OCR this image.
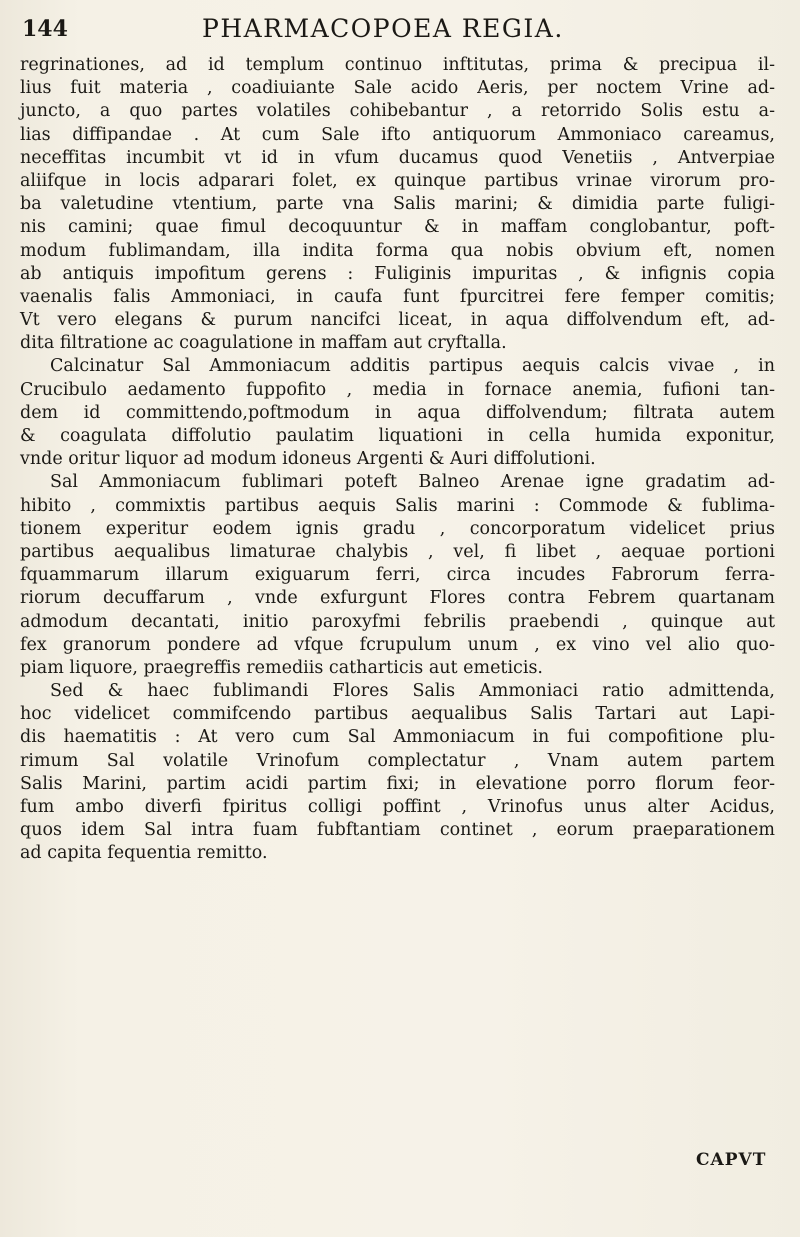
144	PHARMACOPOEA REGIA.
regrinationes, ad id templum continuo inftitutas, prima & precipua il-
lius fuit materia , coadiuiante Sale acido Aeris, per noctem Vrine ad-
juncto, a quo partes volatiles cohibebantur , a retorrido Solis estu a-
lias diffipandae . At cum Sale ifto antiquorum Ammoniaco careamus,
neceffitas incumbit vt id in vfum ducamus quod Venetiis , Antverpiae
aliifque in locis adparari folet, ex quinque partibus vrinae virorum pro-
ba valetudine vtentium, parte vna Salis marini; & dimidia parte fuligi-
nis camini; quae fimul decoquuntur & in maffam conglobantur, poft-
modum fublimandam, illa indita forma qua nobis obvium eft, nomen
ab antiquis impofitum gerens : Fuliginis impuritas , & infignis copia
vaenalis falis Ammoniaci, in caufa funt fpurcitrei fere femper comitis;
Vt vero elegans & purum nancifci liceat, in aqua diffolvendum eft, ad-
dita filtratione ac coagulatione in maffam aut cryftalla.
Calcinatur Sal Ammoniacum additis partipus aequis calcis vivae , in
Crucibulo aedamento fuppofito , media in fornace anemia, fufioni tan-
dem id committendo,poftmodum in aqua diffolvendum; filtrata autem
& coagulata diffolutio paulatim liquationi in cella humida exponitur,
vnde oritur liquor ad modum idoneus Argenti & Auri diffolutioni.
Sal Ammoniacum fublimari poteft Balneo Arenae igne gradatim ad-
hibito , commixtis partibus aequis Salis marini : Commode & fublima-
tionem experitur eodem ignis gradu , concorporatum videlicet prius
partibus aequalibus limaturae chalybis , vel, fi libet , aequae portioni
fquammarum illarum exiguarum ferri, circa incudes Fabrorum ferra-
riorum decuffarum , vnde exfurgunt Flores contra Febrem quartanam
admodum decantati, initio paroxyfmi febrilis praebendi , quinque aut
fex granorum pondere ad vfque fcrupulum unum , ex vino vel alio quo-
piam liquore, praegreffis remediis catharticis aut emeticis.
Sed & haec fublimandi Flores Salis Ammoniaci ratio admittenda,
hoc videlicet commifcendo partibus aequalibus Salis Tartari aut Lapi-
dis haematitis : At vero cum Sal Ammoniacum in fui compofitione plu-
rimum Sal volatile Vrinofum complectatur , Vnam autem partem
Salis Marini, partim acidi partim fixi; in elevatione porro florum feor-
fum ambo diverfi fpiritus colligi poffint , Vrinofus unus alter Acidus,
quos idem Sal intra fuam fubftantiam continet , eorum praeparationem
ad capita fequentia remitto.
CAPVT
